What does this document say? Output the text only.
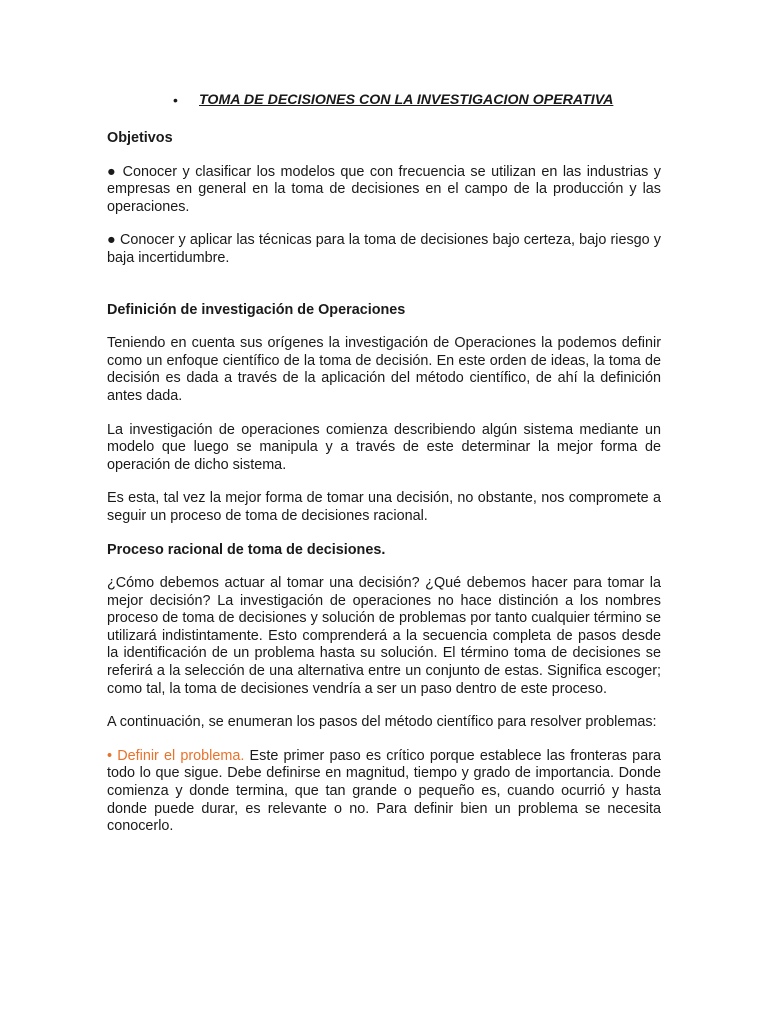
• TOMA DE DECISIONES CON LA INVESTIGACION OPERATIVA
Objetivos

● Conocer y clasificar los modelos que con frecuencia se utilizan en las industrias y empresas en general en la toma de decisiones en el campo de la producción y las operaciones.

● Conocer y aplicar las técnicas para la toma de decisiones bajo certeza, bajo riesgo y baja incertidumbre.

Definición de investigación de Operaciones

Teniendo en cuenta sus orígenes la investigación de Operaciones la podemos definir como un enfoque científico de la toma de decisión. En este orden de ideas, la toma de decisión es dada a través de la aplicación del método científico, de ahí la definición antes dada.

La investigación de operaciones comienza describiendo algún sistema mediante un modelo que luego se manipula y a través de este determinar la mejor forma de operación de dicho sistema.

Es esta, tal vez la mejor forma de tomar una decisión, no obstante, nos compromete a seguir un proceso de toma de decisiones racional.

Proceso racional de toma de decisiones.

¿Cómo debemos actuar al tomar una decisión? ¿Qué debemos hacer para tomar la mejor decisión? La investigación de operaciones no hace distinción a los nombres proceso de toma de decisiones y solución de problemas por tanto cualquier término se utilizará indistintamente. Esto comprenderá a la secuencia completa de pasos desde la identificación de un problema hasta su solución. El término toma de decisiones se referirá a la selección de una alternativa entre un conjunto de estas. Significa escoger; como tal, la toma de decisiones vendría a ser un paso dentro de este proceso.

A continuación, se enumeran los pasos del método científico para resolver problemas:

• Definir el problema. Este primer paso es crítico porque establece las fronteras para todo lo que sigue. Debe definirse en magnitud, tiempo y grado de importancia. Donde comienza y donde termina, que tan grande o pequeño es, cuando ocurrió y hasta donde puede durar, es relevante o no. Para definir bien un problema se necesita conocerlo.
